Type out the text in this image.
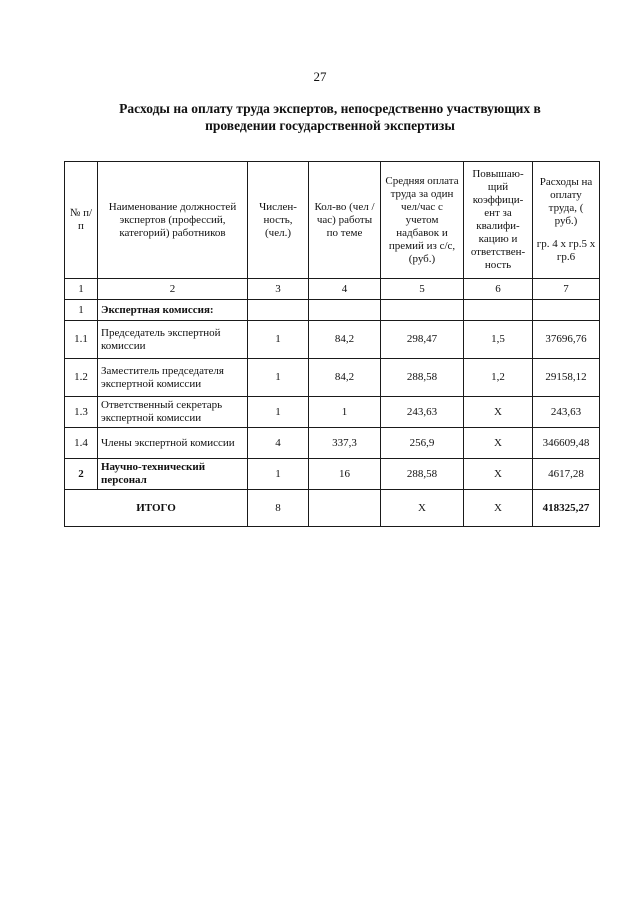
27
Расходы на оплату труда экспертов, непосредственно участвующих в
проведении государственной экспертизы
№ п/п	Наименование должностей экспертов (профессий, категорий) работников	Числен-ность, (чел.)	Кол-во (чел /час) работы по теме	Средняя оплата труда за один чел/час с учетом надбавок и премий из с/с, (руб.)	Повышаю-щий коэффици-ент за квалифи-кацию и ответствен-ность	Расходы на оплату труда, ( руб.)
гр. 4 х гр.5 х гр.6

1	2	3	4	5	6	7
1	Экспертная комиссия:					
1.1	Председатель экспертной комиссии	1	84,2	298,47	1,5	37696,76
1.2	Заместитель председателя экспертной комиссии	1	84,2	288,58	1,2	29158,12
1.3	Ответственный секретарь экспертной комиссии	1	1	243,63	Х	243,63
1.4	Члены экспертной комиссии	4	337,3	256,9	Х	346609,48
2	Научно-технический персонал	1	16	288,58	Х	4617,28
ИТОГО		8		Х	Х	418325,27
